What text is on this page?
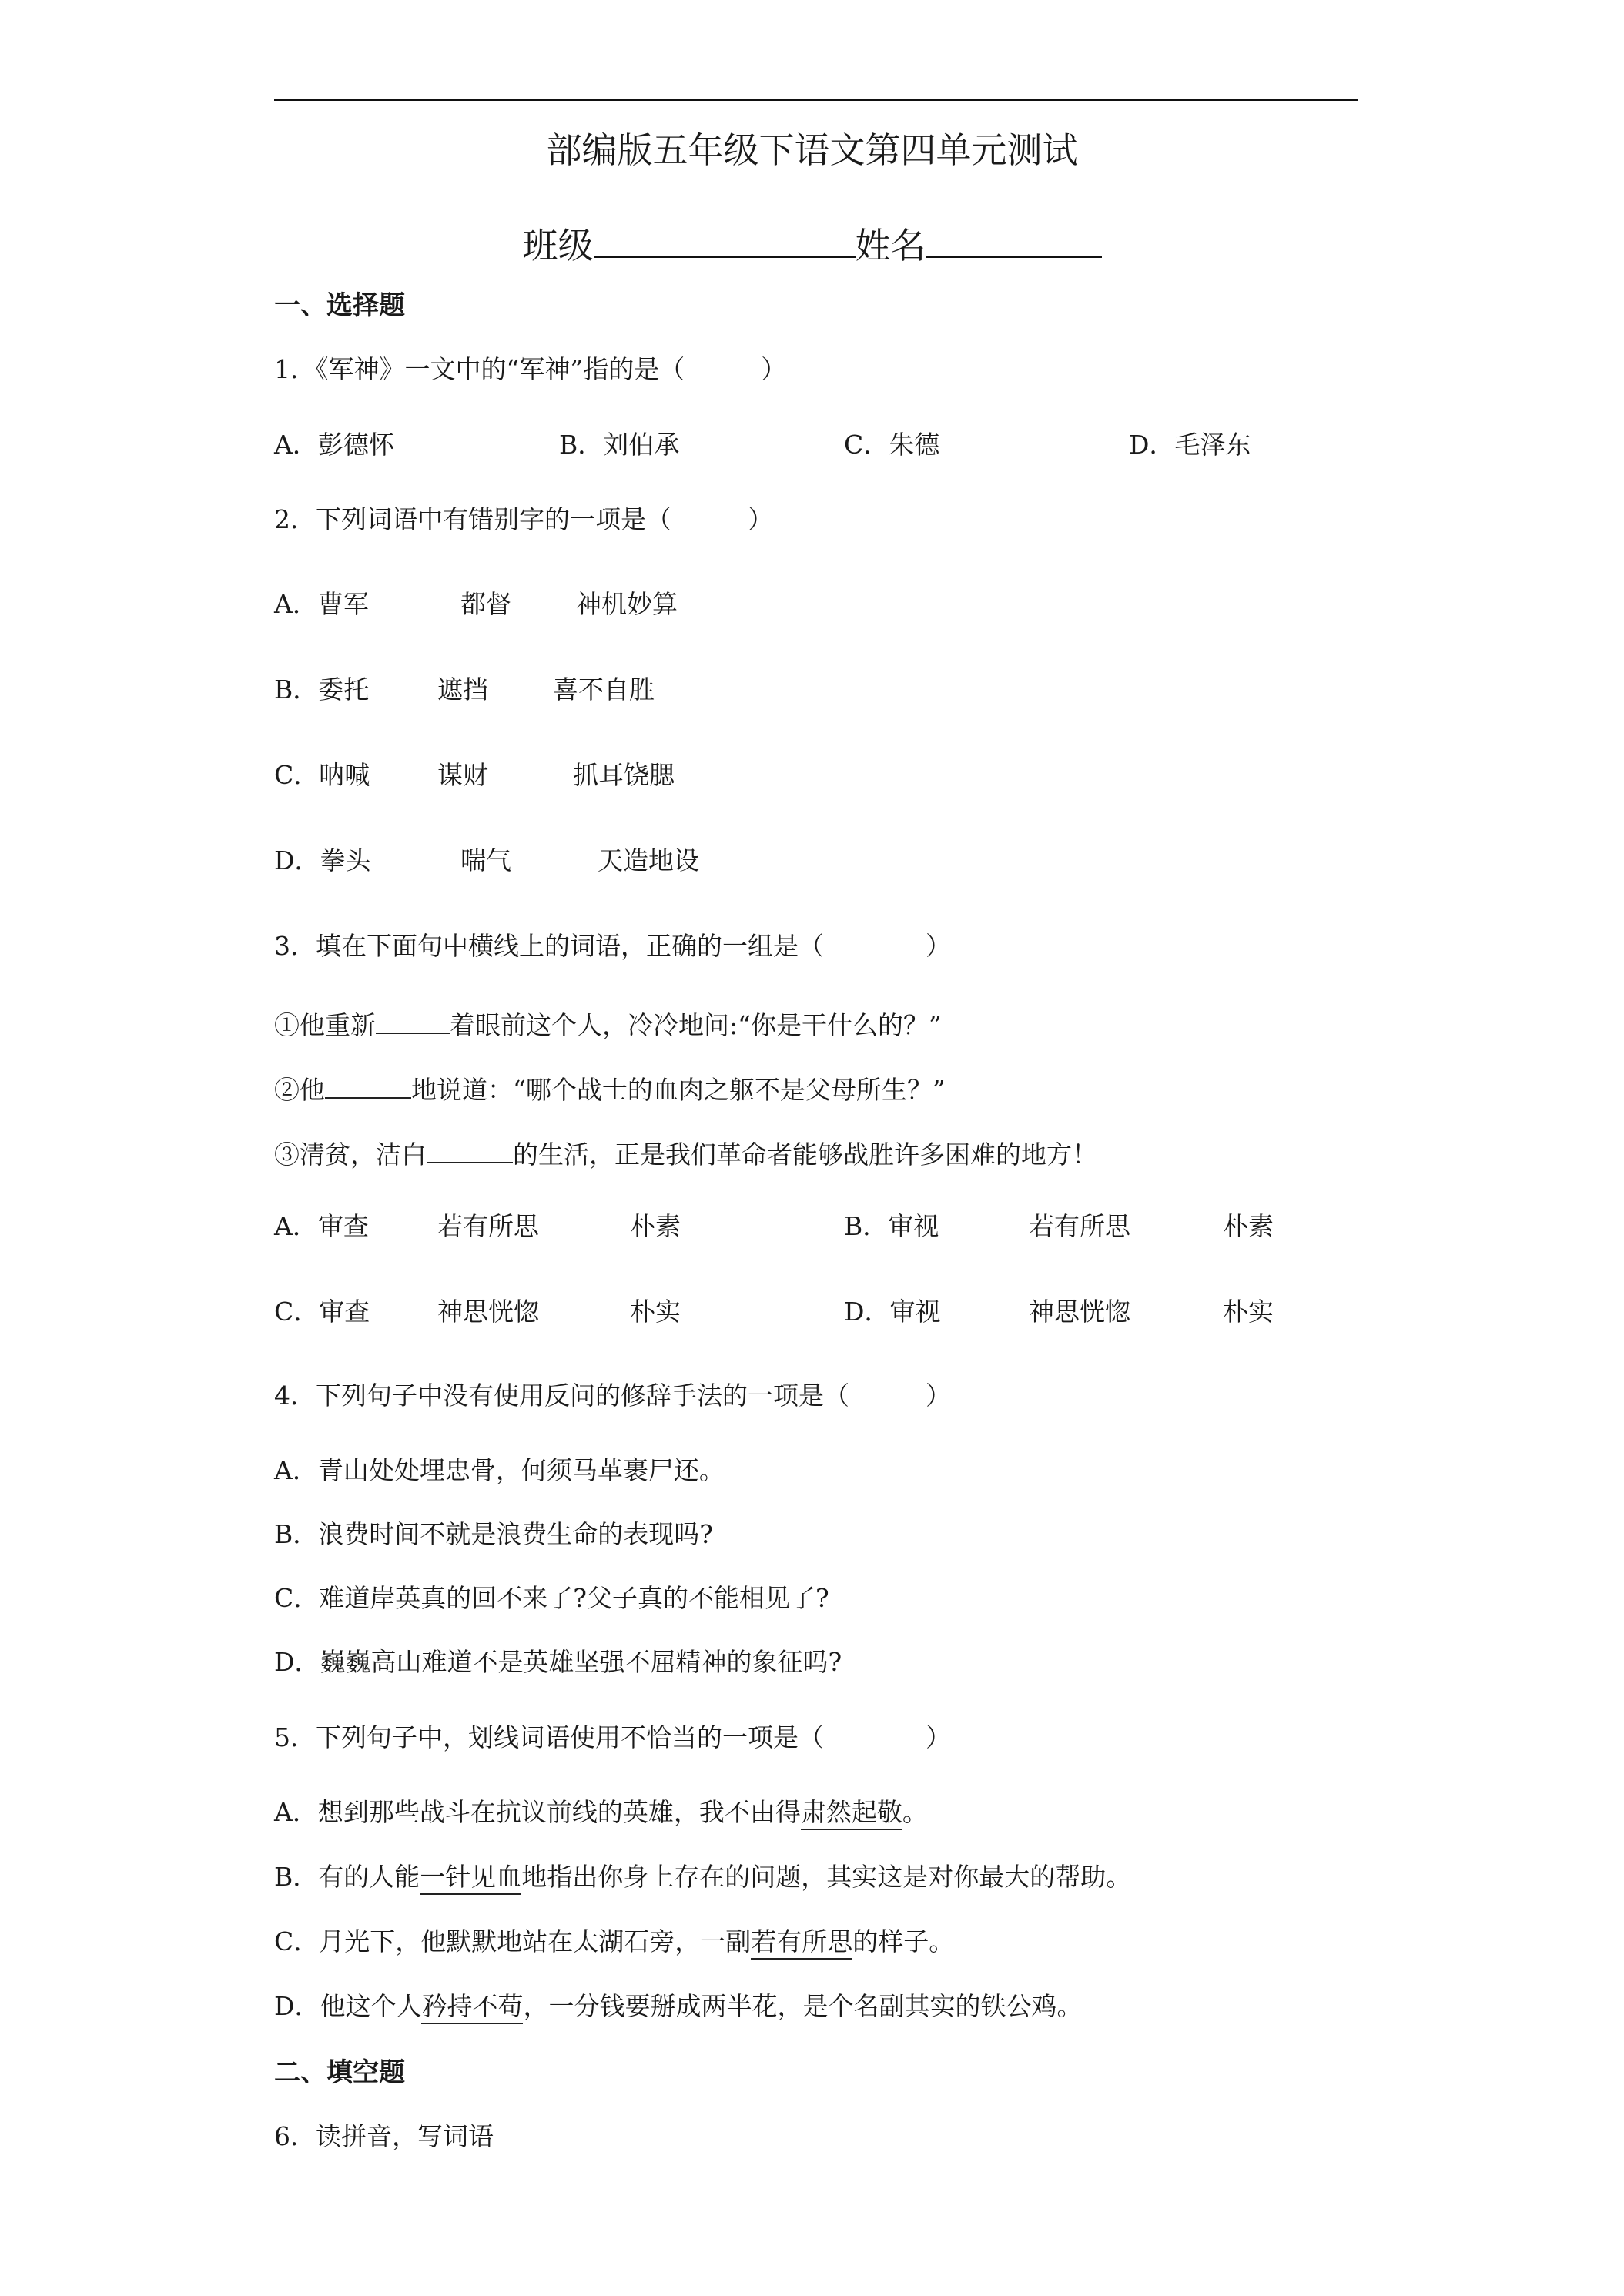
部编版五年级下语文第四单元测试
班级	姓名
一、选择题
1．《军神》一文中的“军神”指的是（　　　）
A．彭德怀	B．刘伯承	C．朱德	D．毛泽东
2．下列词语中有错别字的一项是（　　　）
A．曹军	都督	神机妙算
B．委托	遮挡	喜不自胜
C．呐喊	谋财	抓耳饶腮
D．拳头	喘气	天造地设
3．填在下面句中横线上的词语，正确的一组是（　　　　）
①他重新	着眼前这个人，冷冷地问:“你是干什么的？”
②他	地说道：“哪个战士的血肉之躯不是父母所生？”
③清贫，洁白	的生活，正是我们革命者能够战胜许多困难的地方！
A．审查	若有所思	朴素	B．审视	若有所思	朴素
C．审查	神思恍惚	朴实	D．审视	神思恍惚	朴实
4．下列句子中没有使用反问的修辞手法的一项是（　　　）
A．青山处处埋忠骨，何须马革裹尸还。
B．浪费时间不就是浪费生命的表现吗?
C．难道岸英真的回不来了?父子真的不能相见了?
D．巍巍高山难道不是英雄坚强不屈精神的象征吗?
5．下列句子中，划线词语使用不恰当的一项是（　　　　）
A．想到那些战斗在抗议前线的英雄，我不由得肃然起敬。
B．有的人能一针见血地指出你身上存在的问题，其实这是对你最大的帮助。
C．月光下，他默默地站在太湖石旁，一副若有所思的样子。
D．他这个人矜持不苟，一分钱要掰成两半花，是个名副其实的铁公鸡。
二、填空题
6．读拼音，写词语
